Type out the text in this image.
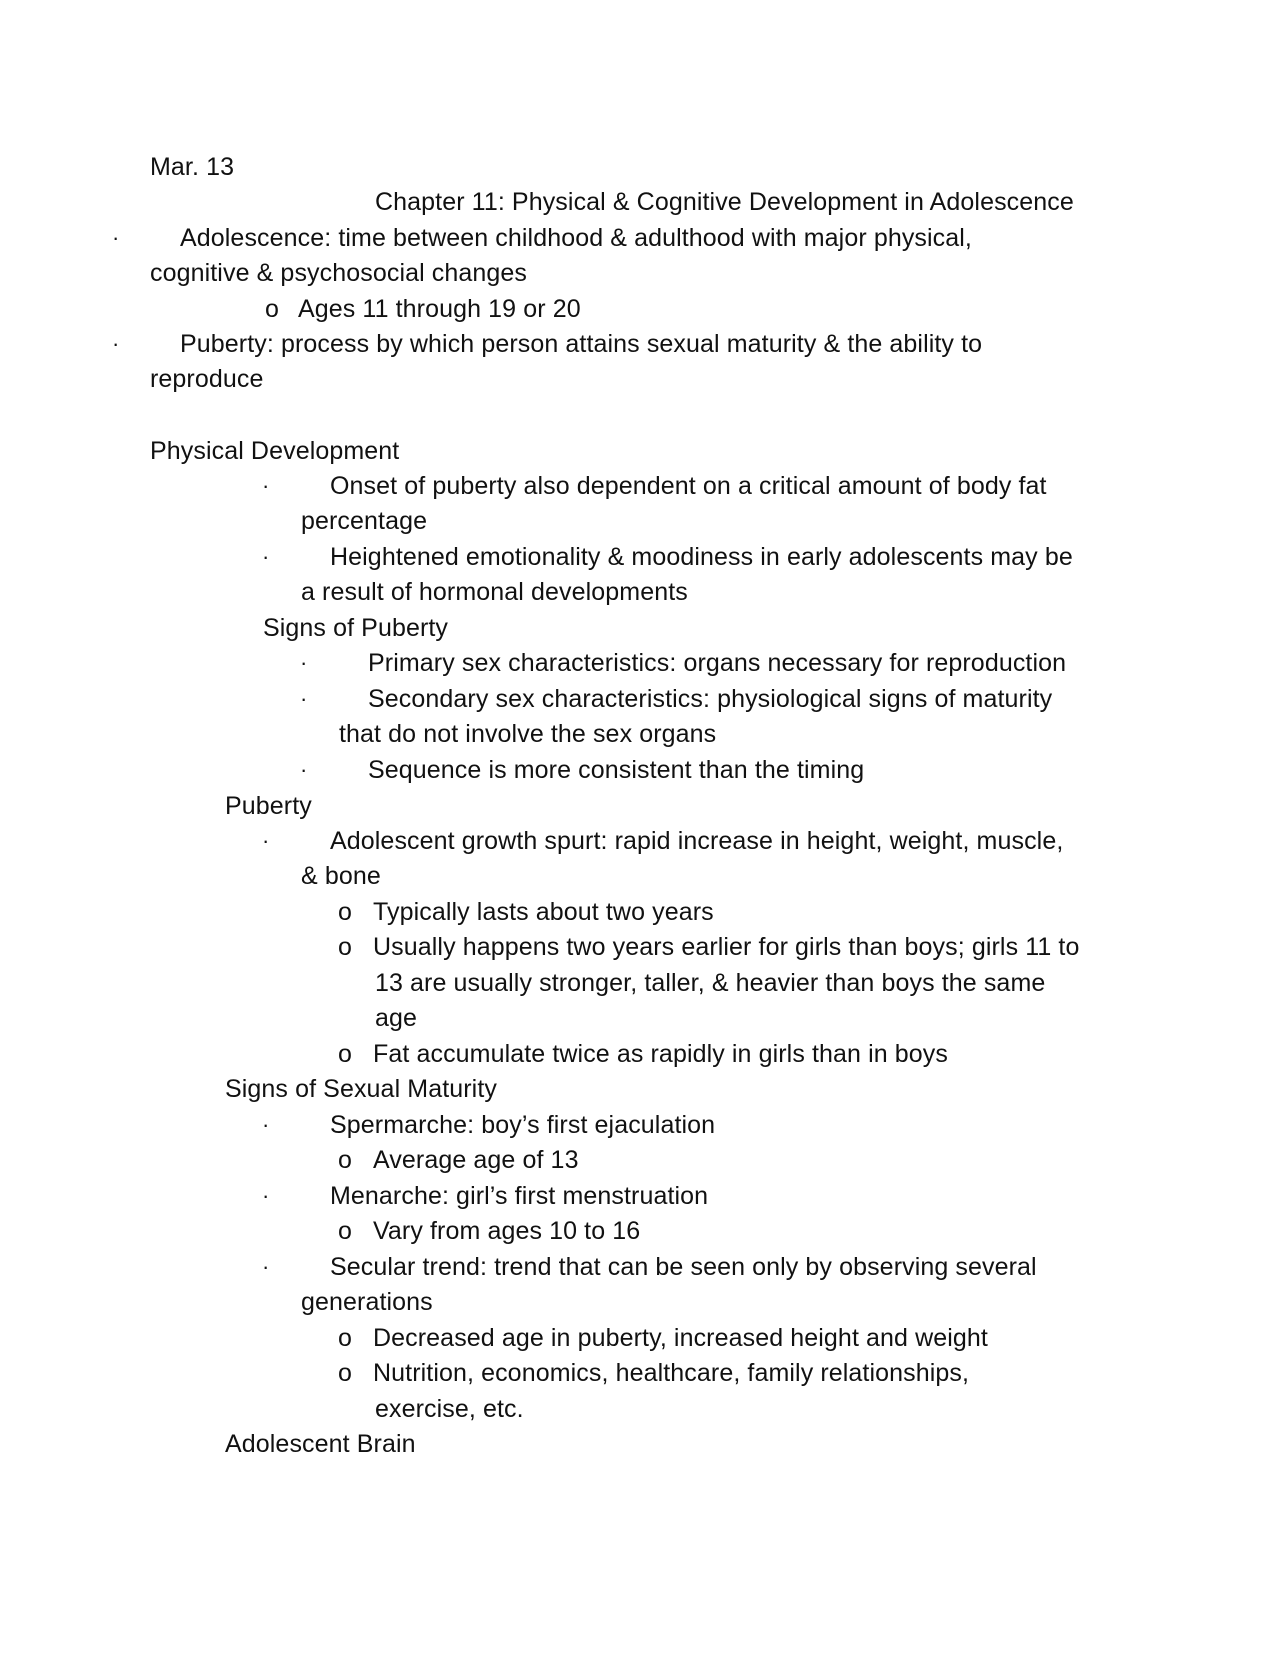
Mar. 13
Chapter 11: Physical & Cognitive Development in Adolescence
· Adolescence: time between childhood & adulthood with major physical,
cognitive & psychosocial changes
o Ages 11 through 19 or 20
· Puberty: process by which person attains sexual maturity & the ability to
reproduce
Physical Development
· Onset of puberty also dependent on a critical amount of body fat
percentage
· Heightened emotionality & moodiness in early adolescents may be
a result of hormonal developments
Signs of Puberty
· Primary sex characteristics: organs necessary for reproduction
· Secondary sex characteristics: physiological signs of maturity
that do not involve the sex organs
· Sequence is more consistent than the timing
Puberty
· Adolescent growth spurt: rapid increase in height, weight, muscle,
& bone
o Typically lasts about two years
o Usually happens two years earlier for girls than boys; girls 11 to
13 are usually stronger, taller, & heavier than boys the same
age
o Fat accumulate twice as rapidly in girls than in boys
Signs of Sexual Maturity
· Spermarche: boy’s first ejaculation
o Average age of 13
· Menarche: girl’s first menstruation
o Vary from ages 10 to 16
· Secular trend: trend that can be seen only by observing several
generations
o Decreased age in puberty, increased height and weight
o Nutrition, economics, healthcare, family relationships,
exercise, etc.
Adolescent Brain
